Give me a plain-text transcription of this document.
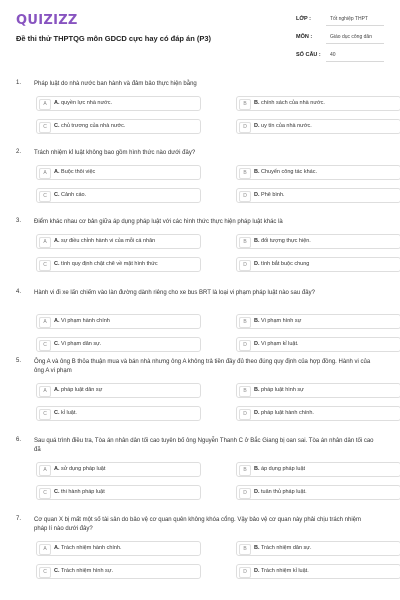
QUIZIZZ
Đề thi thử THPTQG môn GDCD cực hay có đáp án (P3)
LỚP :	Tốt nghiệp THPT
MÔN :	Giáo dục công dân
SỐ CÂU :	40
1. Pháp luật do nhà nước ban hành và đảm bảo thực hiện bằng
A	A. quyền lực nhà nước.	B	B. chính sách của nhà nước.
C	C. chủ trương của nhà nước.	D	D. uy tín của nhà nước.
2. Trách nhiệm kỉ luật không bao gồm hình thức nào dưới đây?
A	A. Buộc thôi việc	B	B. Chuyển công tác khác.
C	C. Cảnh cáo.	D	D. Phê bình.
3. Điểm khác nhau cơ bản giữa áp dụng pháp luật với các hình thức thực hiện pháp luật khác là
A	A. sự điều chỉnh hành vi của mỗi cá nhân	B	B. đối tượng thực hiện.
C	C. tính quy định chặt chẽ về mặt hình thức	D	D. tính bắt buộc chung
4. Hành vi đi xe lấn chiếm vào làn đường dành riêng cho xe bus BRT là loại vi phạm pháp luật nào sau đây?
A	A. Vi phạm hành chính	B	B. Vi phạm hình sự
C	C. Vi phạm dân sự.	D	D. Vi phạm kỉ luật.
5. Ông A và ông B thỏa thuận mua và bán nhà nhưng ông A không trả tiền đầy đủ theo đúng quy định của hợp đồng. Hành vi của ông A vi phạm
A	A. pháp luật dân sự	B	B. pháp luật hình sự
C	C. kỉ luật.	D	D. pháp luật hành chính.
6. Sau quá trình điều tra, Tòa án nhân dân tối cao tuyên bố ông Nguyễn Thanh C ở Bắc Giang bị oan sai. Tòa án nhân dân tối cao đã
A	A. sử dụng pháp luật	B	B. áp dụng pháp luật
C	C. thi hành pháp luật	D	D. tuân thủ pháp luật.
7. Cơ quan X bị mất một số tài sản do bảo vệ cơ quan quên không khóa cổng. Vậy bảo vệ cơ quan này phải chịu trách nhiệm pháp lí nào dưới đây?
A	A. Trách nhiệm hành chính.	B	B. Trách nhiệm dân sự.
C	C. Trách nhiệm hình sự.	D	D. Trách nhiệm kỉ luật.
